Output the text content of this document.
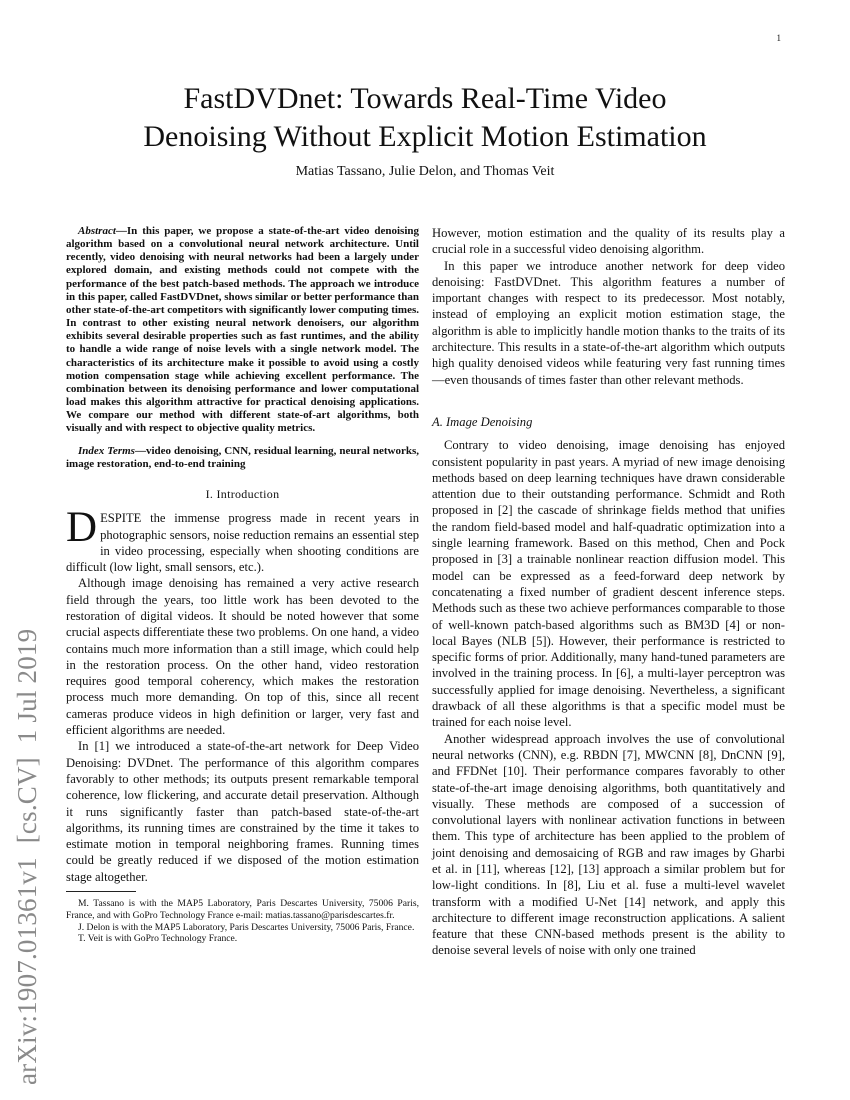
1
arXiv:1907.01361v1  [cs.CV]  1 Jul 2019
FastDVDnet: Towards Real-Time Video
Denoising Without Explicit Motion Estimation

Matias Tassano, Julie Delon, and Thomas Veit

Abstract—In this paper, we propose a state-of-the-art video denoising algorithm based on a convolutional neural network architecture. Until recently, video denoising with neural networks had been a largely under explored domain, and existing methods could not compete with the performance of the best patch-based methods. The approach we introduce in this paper, called FastDVDnet, shows similar or better performance than other state-of-the-art competitors with significantly lower computing times. In contrast to other existing neural network denoisers, our algorithm exhibits several desirable properties such as fast runtimes, and the ability to handle a wide range of noise levels with a single network model. The characteristics of its architecture make it possible to avoid using a costly motion compensation stage while achieving excellent performance. The combination between its denoising performance and lower computational load makes this algorithm attractive for practical denoising applications. We compare our method with different state-of-art algorithms, both visually and with respect to objective quality metrics.

Index Terms—video denoising, CNN, residual learning, neural networks, image restoration, end-to-end training

I. Introduction

DESPITE the immense progress made in recent years in photographic sensors, noise reduction remains an essential step in video processing, especially when shooting conditions are difficult (low light, small sensors, etc.).

Although image denoising has remained a very active research field through the years, too little work has been devoted to the restoration of digital videos. It should be noted however that some crucial aspects differentiate these two problems. On one hand, a video contains much more information than a still image, which could help in the restoration process. On the other hand, video restoration requires good temporal coherency, which makes the restoration process much more demanding. On top of this, since all recent cameras produce videos in high definition or larger, very fast and efficient algorithms are needed.

In [1] we introduced a state-of-the-art network for Deep Video Denoising: DVDnet. The performance of this algorithm compares favorably to other methods; its outputs present remarkable temporal coherence, low flickering, and accurate detail preservation. Although it runs significantly faster than patch-based state-of-the-art algorithms, its running times are constrained by the time it takes to estimate motion in temporal neighboring frames. Running times could be greatly reduced if we disposed of the motion estimation stage altogether.

M. Tassano is with the MAP5 Laboratory, Paris Descartes University, 75006 Paris, France, and with GoPro Technology France e-mail: matias.tassano@parisdescartes.fr.

J. Delon is with the MAP5 Laboratory, Paris Descartes University, 75006 Paris, France.

T. Veit is with GoPro Technology France.

However, motion estimation and the quality of its results play a crucial role in a successful video denoising algorithm.

In this paper we introduce another network for deep video denoising: FastDVDnet. This algorithm features a number of important changes with respect to its predecessor. Most notably, instead of employing an explicit motion estimation stage, the algorithm is able to implicitly handle motion thanks to the traits of its architecture. This results in a state-of-the-art algorithm which outputs high quality denoised videos while featuring very fast running times—even thousands of times faster than other relevant methods.

A. Image Denoising

Contrary to video denoising, image denoising has enjoyed consistent popularity in past years. A myriad of new image denoising methods based on deep learning techniques have drawn considerable attention due to their outstanding performance. Schmidt and Roth proposed in [2] the cascade of shrinkage fields method that unifies the random field-based model and half-quadratic optimization into a single learning framework. Based on this method, Chen and Pock proposed in [3] a trainable nonlinear reaction diffusion model. This model can be expressed as a feed-forward deep network by concatenating a fixed number of gradient descent inference steps. Methods such as these two achieve performances comparable to those of well-known patch-based algorithms such as BM3D [4] or non-local Bayes (NLB [5]). However, their performance is restricted to specific forms of prior. Additionally, many hand-tuned parameters are involved in the training process. In [6], a multi-layer perceptron was successfully applied for image denoising. Nevertheless, a significant drawback of all these algorithms is that a specific model must be trained for each noise level.

Another widespread approach involves the use of convolutional neural networks (CNN), e.g. RBDN [7], MWCNN [8], DnCNN [9], and FFDNet [10]. Their performance compares favorably to other state-of-the-art image denoising algorithms, both quantitatively and visually. These methods are composed of a succession of convolutional layers with nonlinear activation functions in between them. This type of architecture has been applied to the problem of joint denoising and demosaicing of RGB and raw images by Gharbi et al. in [11], whereas [12], [13] approach a similar problem but for low-light conditions. In [8], Liu et al. fuse a multi-level wavelet transform with a modified U-Net [14] network, and apply this architecture to different image reconstruction applications. A salient feature that these CNN-based methods present is the ability to denoise several levels of noise with only one trained
